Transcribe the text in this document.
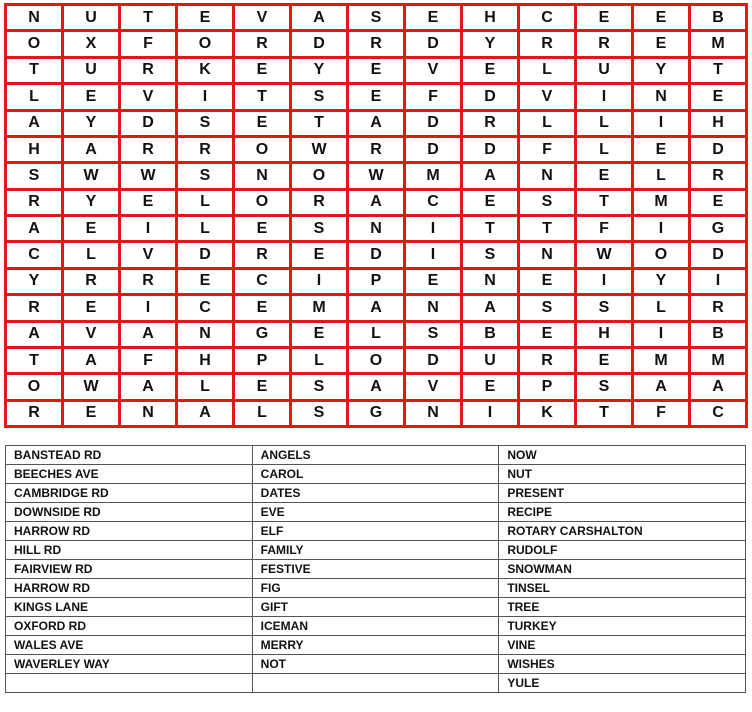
N	U	T	E	V	A	S	E	H	C	E	E	B
O	X	F	O	R	D	R	D	Y	R	R	E	M
T	U	R	K	E	Y	E	V	E	L	U	Y	T
L	E	V	I	T	S	E	F	D	V	I	N	E
A	Y	D	S	E	T	A	D	R	L	L	I	H
H	A	R	R	O	W	R	D	D	F	L	E	D
S	W	W	S	N	O	W	M	A	N	E	L	R
R	Y	E	L	O	R	A	C	E	S	T	M	E
A	E	I	L	E	S	N	I	T	T	F	I	G
C	L	V	D	R	E	D	I	S	N	W	O	D
Y	R	R	E	C	I	P	E	N	E	I	Y	I
R	E	I	C	E	M	A	N	A	S	S	L	R
A	V	A	N	G	E	L	S	B	E	H	I	B
T	A	F	H	P	L	O	D	U	R	E	M	M
O	W	A	L	E	S	A	V	E	P	S	A	A
R	E	N	A	L	S	G	N	I	K	T	F	C
BANSTEAD RD	ANGELS	NOW
BEECHES AVE	CAROL	NUT
CAMBRIDGE RD	DATES	PRESENT
DOWNSIDE RD	EVE	RECIPE
HARROW RD	ELF	ROTARY CARSHALTON
HILL RD	FAMILY	RUDOLF
FAIRVIEW RD	FESTIVE	SNOWMAN
HARROW RD	FIG	TINSEL
KINGS LANE	GIFT	TREE
OXFORD RD	ICEMAN	TURKEY
WALES AVE	MERRY	VINE
WAVERLEY WAY	NOT	WISHES
		YULE
